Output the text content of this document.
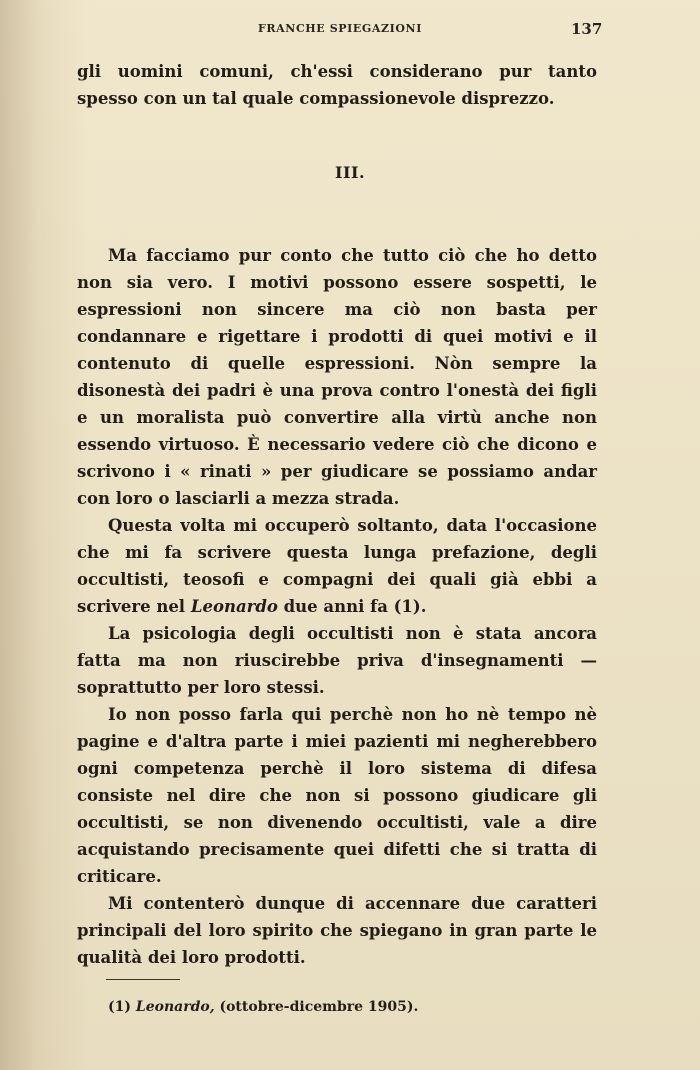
FRANCHE SPIEGAZIONI	137

gli uomini comuni, ch'essi considerano pur tanto spesso con un tal quale compassionevole disprezzo.

III.

Ma facciamo pur conto che tutto ciò che ho detto non sia vero. I motivi possono essere sospetti, le espressioni non sincere ma ciò non basta per condannare e rigettare i prodotti di quei motivi e il contenuto di quelle espressioni. Nòn sempre la disonestà dei padri è una prova contro l'onestà dei figli e un moralista può convertire alla virtù anche non essendo virtuoso. È necessario vedere ciò che dicono e scrivono i « rinati » per giudicare se possiamo andar con loro o lasciarli a mezza strada.

Questa volta mi occuperò soltanto, data l'occasione che mi fa scrivere questa lunga prefazione, degli occultisti, teosofi e compagni dei quali già ebbi a scrivere nel Leonardo due anni fa (1).

La psicologia degli occultisti non è stata ancora fatta ma non riuscirebbe priva d'insegnamenti — soprattutto per loro stessi.

Io non posso farla qui perchè non ho nè tempo nè pagine e d'altra parte i miei pazienti mi negherebbero ogni competenza perchè il loro sistema di difesa consiste nel dire che non si possono giudicare gli occultisti, se non divenendo occultisti, vale a dire acquistando precisamente quei difetti che si tratta di criticare.

Mi contenterò dunque di accennare due caratteri principali del loro spirito che spiegano in gran parte le qualità dei loro prodotti.

(1) Leonardo, (ottobre-dicembre 1905).
